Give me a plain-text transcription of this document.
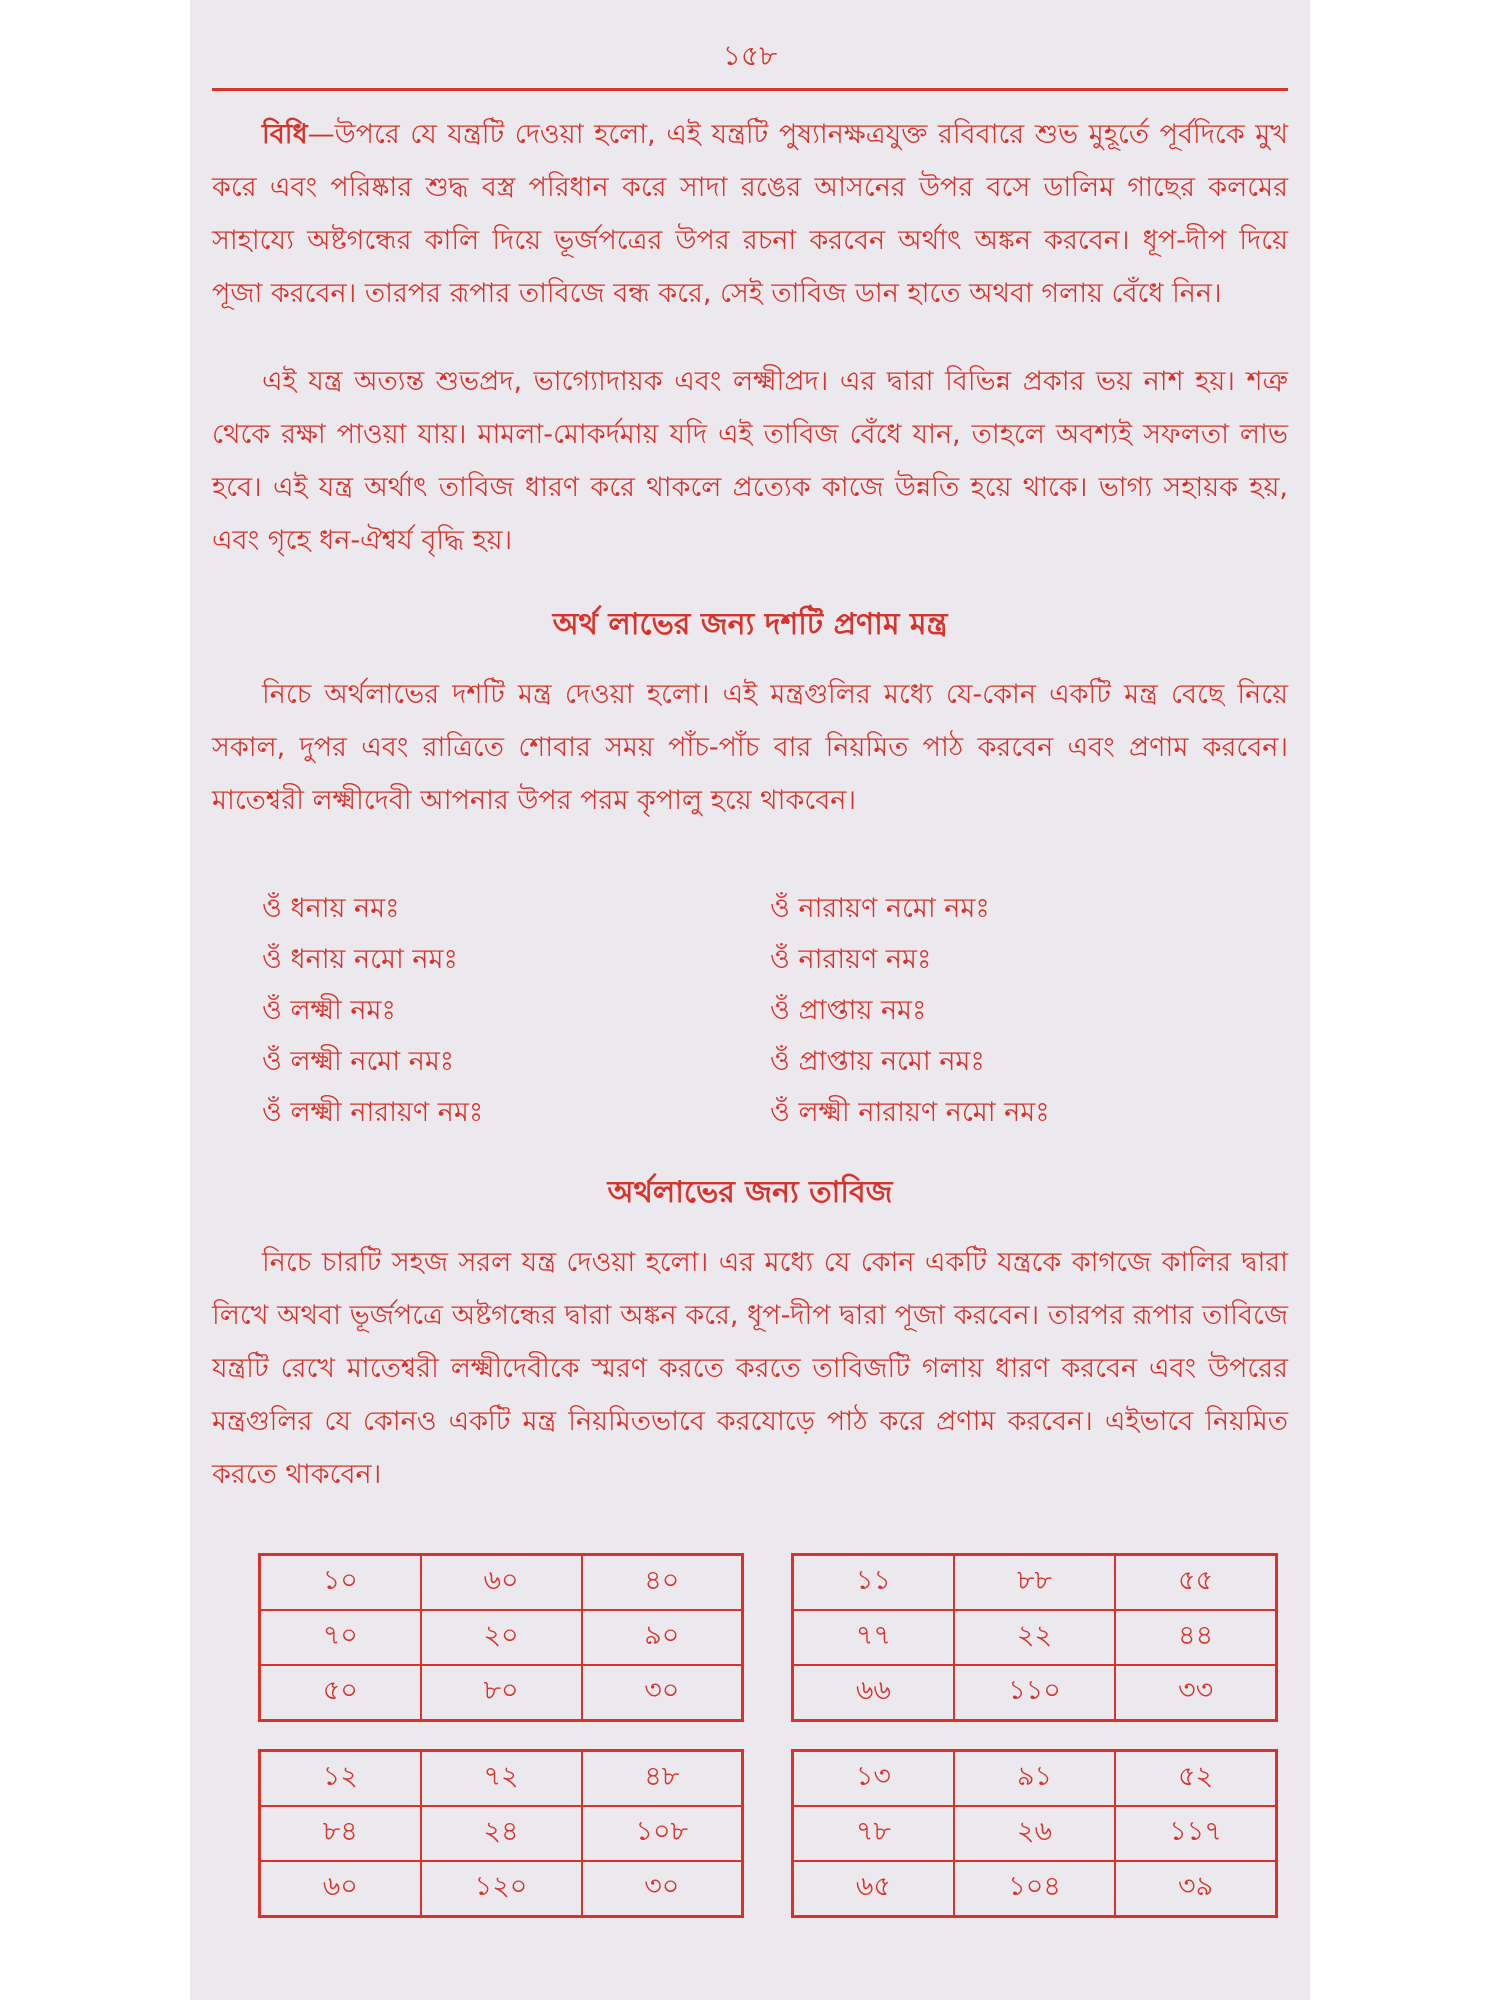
১৫৮

বিধি—উপরে যে যন্ত্রটি দেওয়া হলো, এই যন্ত্রটি পুষ্যানক্ষত্রযুক্ত রবিবারে শুভ মুহূর্তে পূর্বদিকে মুখ করে এবং পরিষ্কার শুদ্ধ বস্ত্র পরিধান করে সাদা রঙের আসনের উপর বসে ডালিম গাছের কলমের সাহায্যে অষ্টগন্ধের কালি দিয়ে ভূর্জপত্রের উপর রচনা করবেন অর্থাৎ অঙ্কন করবেন। ধূপ-দীপ দিয়ে পূজা করবেন। তারপর রূপার তাবিজে বন্ধ করে, সেই তাবিজ ডান হাতে অথবা গলায় বেঁধে নিন।

এই যন্ত্র অত্যন্ত শুভপ্রদ, ভাগ্যোদায়ক এবং লক্ষ্মীপ্রদ। এর দ্বারা বিভিন্ন প্রকার ভয় নাশ হয়। শত্রু থেকে রক্ষা পাওয়া যায়। মামলা-মোকর্দমায় যদি এই তাবিজ বেঁধে যান, তাহলে অবশ্যই সফলতা লাভ হবে। এই যন্ত্র অর্থাৎ তাবিজ ধারণ করে থাকলে প্রত্যেক কাজে উন্নতি হয়ে থাকে। ভাগ্য সহায়ক হয়, এবং গৃহে ধন-ঐশ্বর্য বৃদ্ধি হয়।

অর্থ লাভের জন্য দশটি প্রণাম মন্ত্র

নিচে অর্থলাভের দশটি মন্ত্র দেওয়া হলো। এই মন্ত্রগুলির মধ্যে যে-কোন একটি মন্ত্র বেছে নিয়ে সকাল, দুপর এবং রাত্রিতে শোবার সময় পাঁচ-পাঁচ বার নিয়মিত পাঠ করবেন এবং প্রণাম করবেন। মাতেশ্বরী লক্ষ্মীদেবী আপনার উপর পরম কৃপালু হয়ে থাকবেন।

ওঁ ধনায় নমঃ
ওঁ ধনায় নমো নমঃ
ওঁ লক্ষ্মী নমঃ
ওঁ লক্ষ্মী নমো নমঃ
ওঁ লক্ষ্মী নারায়ণ নমঃ
ওঁ নারায়ণ নমো নমঃ
ওঁ নারায়ণ নমঃ
ওঁ প্রাপ্তায় নমঃ
ওঁ প্রাপ্তায় নমো নমঃ
ওঁ লক্ষ্মী নারায়ণ নমো নমঃ
অর্থলাভের জন্য তাবিজ

নিচে চারটি সহজ সরল যন্ত্র দেওয়া হলো। এর মধ্যে যে কোন একটি যন্ত্রকে কাগজে কালির দ্বারা লিখে অথবা ভূর্জপত্রে অষ্টগন্ধের দ্বারা অঙ্কন করে, ধূপ-দীপ দ্বারা পূজা করবেন। তারপর রূপার তাবিজে যন্ত্রটি রেখে মাতেশ্বরী লক্ষ্মীদেবীকে স্মরণ করতে করতে তাবিজটি গলায় ধারণ করবেন এবং উপরের মন্ত্রগুলির যে কোনও একটি মন্ত্র নিয়মিতভাবে করযোড়ে পাঠ করে প্রণাম করবেন। এইভাবে নিয়মিত করতে থাকবেন।

১০	৬০	৪০
৭০	২০	৯০
৫০	৮০	৩০
১১	৮৮	৫৫
৭৭	২২	৪৪
৬৬	১১০	৩৩
১২	৭২	৪৮
৮৪	২৪	১০৮
৬০	১২০	৩০
১৩	৯১	৫২
৭৮	২৬	১১৭
৬৫	১০৪	৩৯
